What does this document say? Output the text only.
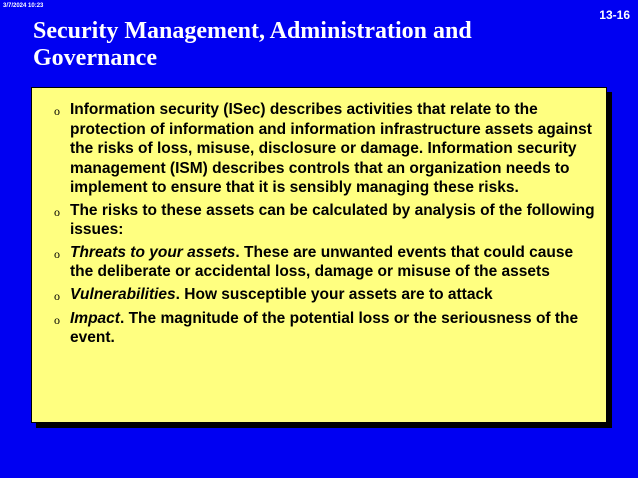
3/7/2024 10:23
13-16
Security Management, Administration and Governance
o Information security (ISec) describes activities that relate to the protection of information and information infrastructure assets against the risks of loss, misuse, disclosure or damage. Information security management (ISM) describes controls that an organization needs to implement to ensure that it is sensibly managing these risks.
o The risks to these assets can be calculated by analysis of the following issues:
o Threats to your assets. These are unwanted events that could cause the deliberate or accidental loss, damage or misuse of the assets
o Vulnerabilities. How susceptible your assets are to attack
o Impact. The magnitude of the potential loss or the seriousness of the event.
